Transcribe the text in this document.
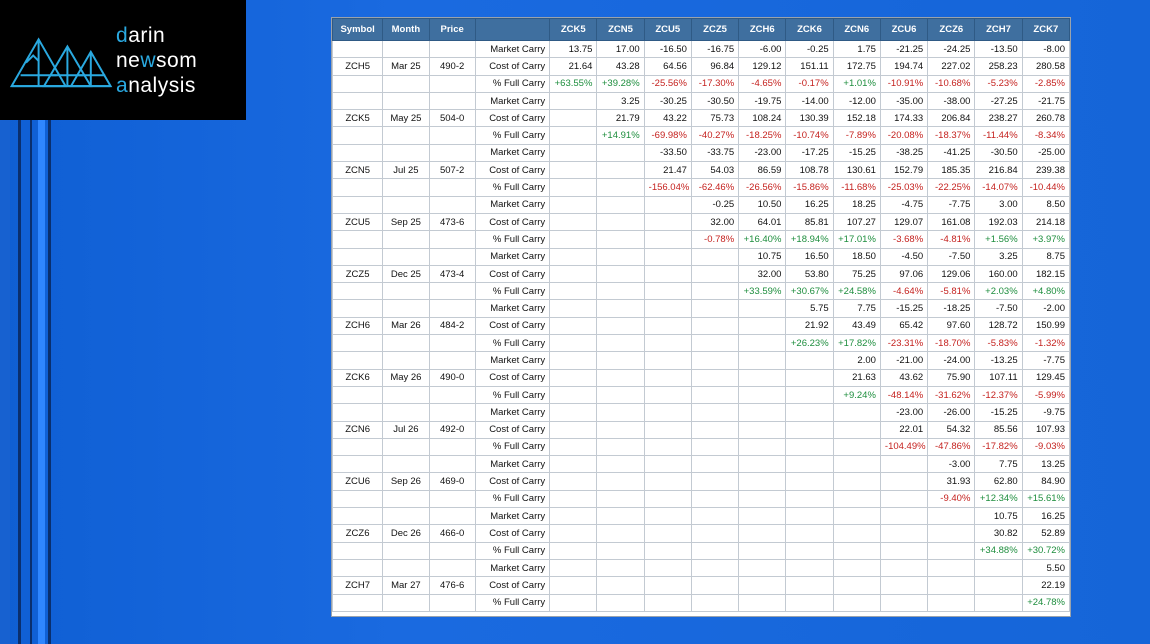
darin
newsom
analysis
Symbol	Month	Price		ZCK5	ZCN5	ZCU5	ZCZ5	ZCH6	ZCK6	ZCN6	ZCU6	ZCZ6	ZCH7	ZCK7
			Market Carry	13.75	17.00	-16.50	-16.75	-6.00	-0.25	1.75	-21.25	-24.25	-13.50	-8.00
ZCH5	Mar 25	490-2	Cost of Carry	21.64	43.28	64.56	96.84	129.12	151.11	172.75	194.74	227.02	258.23	280.58
			% Full Carry	+63.55%	+39.28%	-25.56%	-17.30%	-4.65%	-0.17%	+1.01%	-10.91%	-10.68%	-5.23%	-2.85%
			Market Carry		3.25	-30.25	-30.50	-19.75	-14.00	-12.00	-35.00	-38.00	-27.25	-21.75
ZCK5	May 25	504-0	Cost of Carry		21.79	43.22	75.73	108.24	130.39	152.18	174.33	206.84	238.27	260.78
			% Full Carry		+14.91%	-69.98%	-40.27%	-18.25%	-10.74%	-7.89%	-20.08%	-18.37%	-11.44%	-8.34%
			Market Carry			-33.50	-33.75	-23.00	-17.25	-15.25	-38.25	-41.25	-30.50	-25.00
ZCN5	Jul 25	507-2	Cost of Carry			21.47	54.03	86.59	108.78	130.61	152.79	185.35	216.84	239.38
			% Full Carry			-156.04%	-62.46%	-26.56%	-15.86%	-11.68%	-25.03%	-22.25%	-14.07%	-10.44%
			Market Carry				-0.25	10.50	16.25	18.25	-4.75	-7.75	3.00	8.50
ZCU5	Sep 25	473-6	Cost of Carry				32.00	64.01	85.81	107.27	129.07	161.08	192.03	214.18
			% Full Carry				-0.78%	+16.40%	+18.94%	+17.01%	-3.68%	-4.81%	+1.56%	+3.97%
			Market Carry					10.75	16.50	18.50	-4.50	-7.50	3.25	8.75
ZCZ5	Dec 25	473-4	Cost of Carry					32.00	53.80	75.25	97.06	129.06	160.00	182.15
			% Full Carry					+33.59%	+30.67%	+24.58%	-4.64%	-5.81%	+2.03%	+4.80%
			Market Carry						5.75	7.75	-15.25	-18.25	-7.50	-2.00
ZCH6	Mar 26	484-2	Cost of Carry						21.92	43.49	65.42	97.60	128.72	150.99
			% Full Carry						+26.23%	+17.82%	-23.31%	-18.70%	-5.83%	-1.32%
			Market Carry							2.00	-21.00	-24.00	-13.25	-7.75
ZCK6	May 26	490-0	Cost of Carry							21.63	43.62	75.90	107.11	129.45
			% Full Carry							+9.24%	-48.14%	-31.62%	-12.37%	-5.99%
			Market Carry								-23.00	-26.00	-15.25	-9.75
ZCN6	Jul 26	492-0	Cost of Carry								22.01	54.32	85.56	107.93
			% Full Carry								-104.49%	-47.86%	-17.82%	-9.03%
			Market Carry									-3.00	7.75	13.25
ZCU6	Sep 26	469-0	Cost of Carry									31.93	62.80	84.90
			% Full Carry									-9.40%	+12.34%	+15.61%
			Market Carry										10.75	16.25
ZCZ6	Dec 26	466-0	Cost of Carry										30.82	52.89
			% Full Carry										+34.88%	+30.72%
			Market Carry											5.50
ZCH7	Mar 27	476-6	Cost of Carry											22.19
			% Full Carry											+24.78%
